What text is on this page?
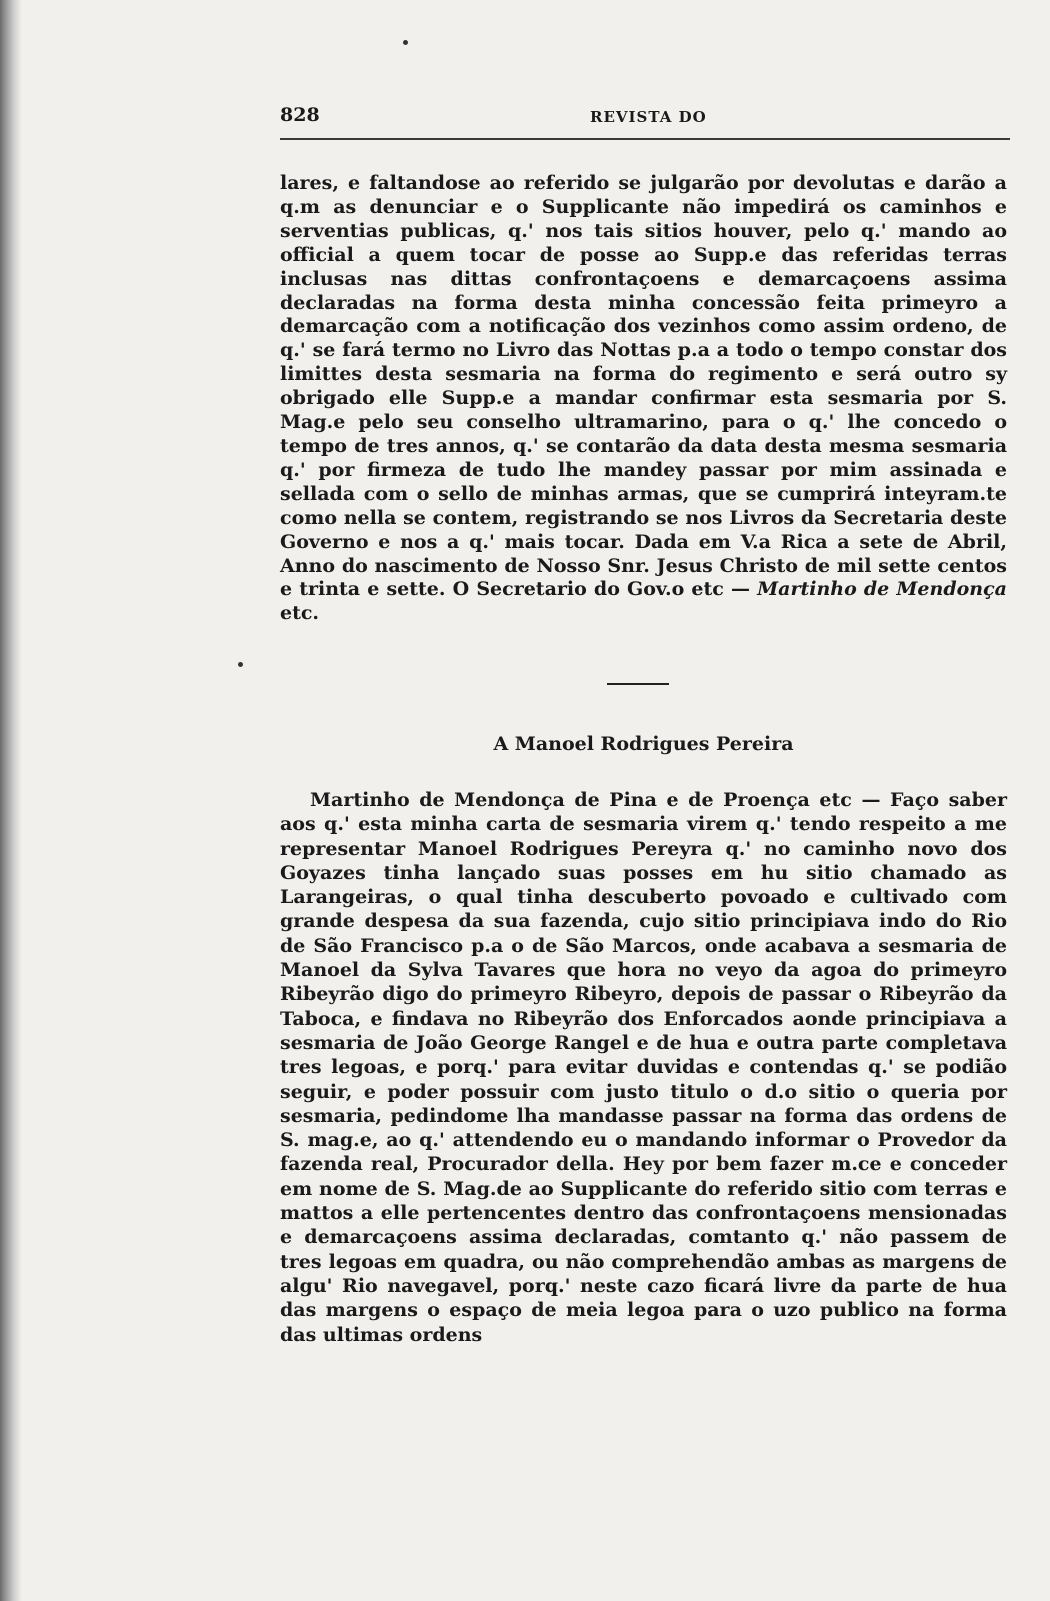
828	REVISTA DO

lares, e faltandose ao referido se julgarão por devolutas e darão a q.m as denunciar e o Supplicante não impedirá os caminhos e serventias publicas, q.' nos tais sitios houver, pelo q.' mando ao official a quem tocar de posse ao Supp.e das referidas terras inclusas nas dittas confrontaçoens e demarcaçoens assima declaradas na forma desta minha concessão feita primeyro a demarcação com a notificação dos vezinhos como assim ordeno, de q.' se fará termo no Livro das Nottas p.a a todo o tempo constar dos limittes desta sesmaria na forma do regimento e será outro sy obrigado elle Supp.e a mandar confirmar esta sesmaria por S. Mag.e pelo seu conselho ultramarino, para o q.' lhe concedo o tempo de tres annos, q.' se contarão da data desta mesma sesmaria q.' por firmeza de tudo lhe mandey passar por mim assinada e sellada com o sello de minhas armas, que se cumprirá inteyram.te como nella se contem, registrando se nos Livros da Secretaria deste Governo e nos a q.' mais tocar. Dada em V.a Rica a sete de Abril, Anno do nascimento de Nosso Snr. Jesus Christo de mil sette centos e trinta e sette. O Secretario do Gov.o etc — Martinho de Mendonça etc.

A Manoel Rodrigues Pereira

Martinho de Mendonça de Pina e de Proença etc — Faço saber aos q.' esta minha carta de sesmaria virem q.' tendo respeito a me representar Manoel Rodrigues Pereyra q.' no caminho novo dos Goyazes tinha lançado suas posses em hu sitio chamado as Larangeiras, o qual tinha descuberto povoado e cultivado com grande despesa da sua fazenda, cujo sitio principiava indo do Rio de São Francisco p.a o de São Marcos, onde acabava a sesmaria de Manoel da Sylva Tavares que hora no veyo da agoa do primeyro Ribeyrão digo do primeyro Ribeyro, depois de passar o Ribeyrão da Taboca, e findava no Ribeyrão dos Enforcados aonde principiava a sesmaria de João George Rangel e de hua e outra parte completava tres legoas, e porq.' para evitar duvidas e contendas q.' se podião seguir, e poder possuir com justo titulo o d.o sitio o queria por sesmaria, pedindome lha mandasse passar na forma das ordens de S. mag.e, ao q.' attendendo eu o mandando informar o Provedor da fazenda real, Procurador della. Hey por bem fazer m.ce e conceder em nome de S. Mag.de ao Supplicante do referido sitio com terras e mattos a elle pertencentes dentro das confrontaçoens mensionadas e demarcaçoens assima declaradas, comtanto q.' não passem de tres legoas em quadra, ou não comprehendão ambas as margens de algu' Rio navegavel, porq.' neste cazo ficará livre da parte de hua das margens o espaço de meia legoa para o uzo publico na forma das ultimas ordens
